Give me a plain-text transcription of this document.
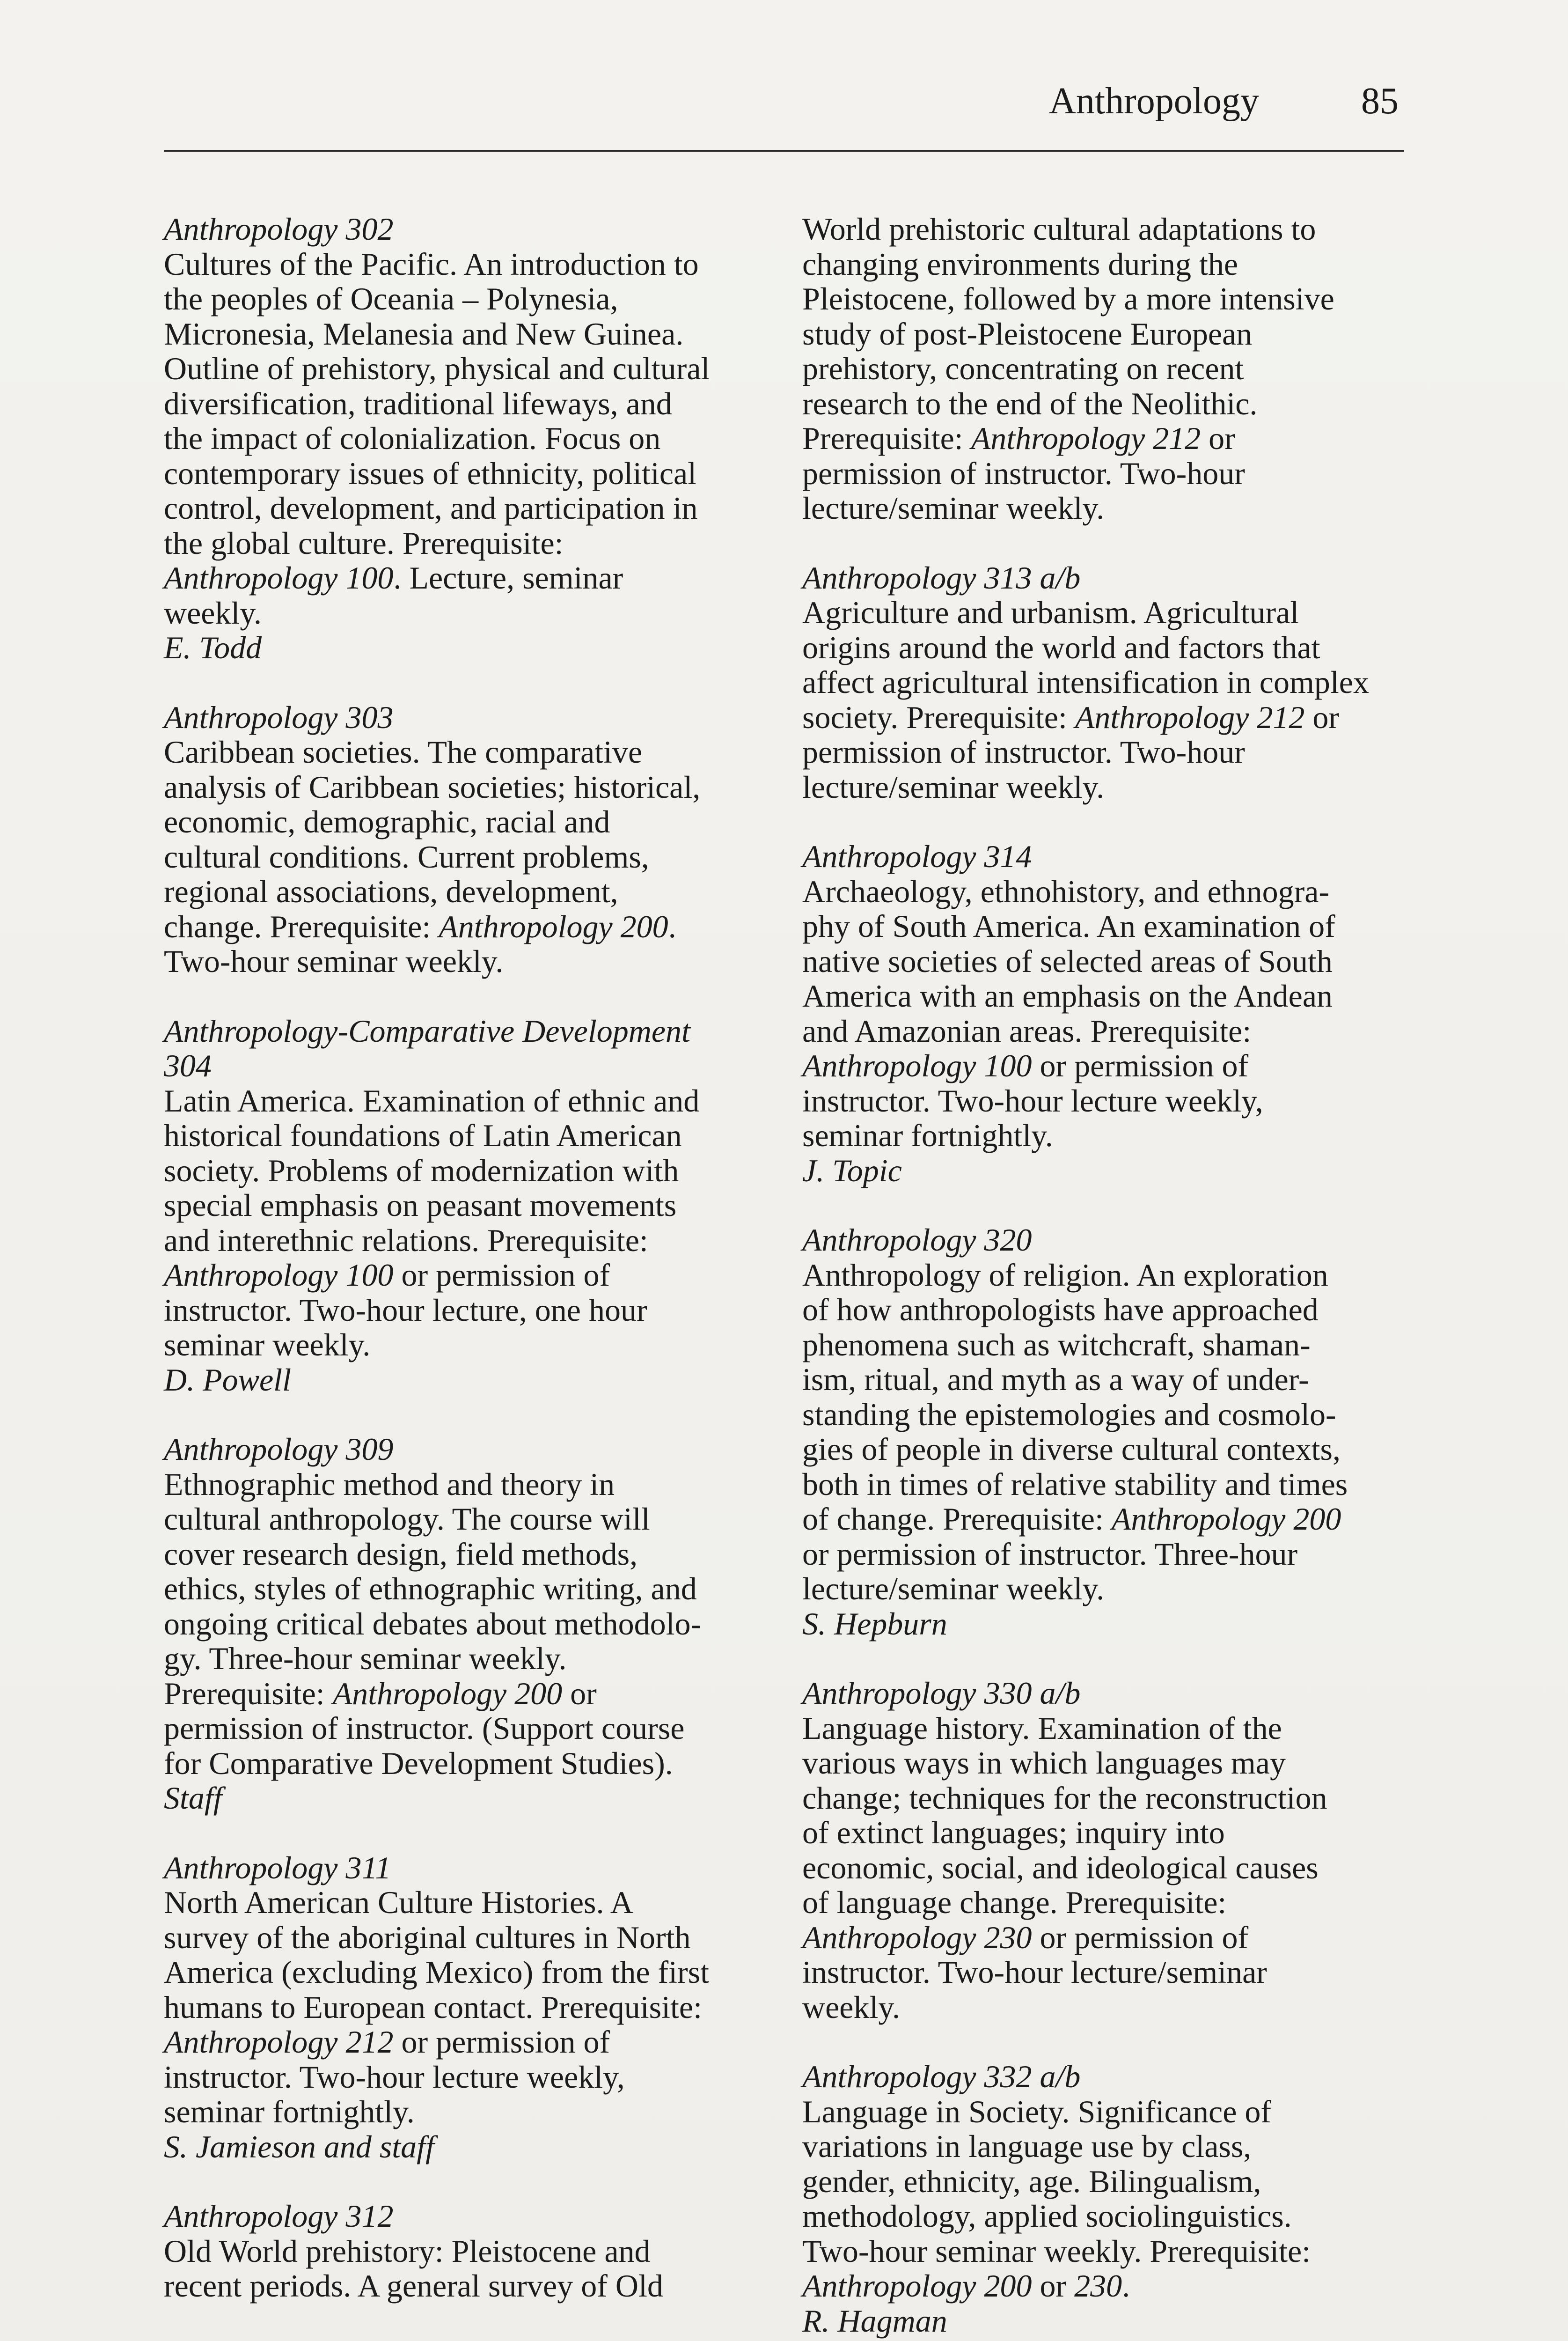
Anthropology	85

Anthropology 302

Cultures of the Pacific. An introduction to
the peoples of Oceania – Polynesia,
Micronesia, Melanesia and New Guinea.
Outline of prehistory, physical and cultural
diversification, traditional lifeways, and
the impact of colonialization. Focus on
contemporary issues of ethnicity, political
control, development, and participation in
the global culture. Prerequisite:
Anthropology 100. Lecture, seminar
weekly.

E. Todd

Anthropology 303

Caribbean societies. The comparative
analysis of Caribbean societies; historical,
economic, demographic, racial and
cultural conditions. Current problems,
regional associations, development,
change. Prerequisite: Anthropology 200.
Two-hour seminar weekly.

Anthropology-Comparative Development
304

Latin America. Examination of ethnic and
historical foundations of Latin American
society. Problems of modernization with
special emphasis on peasant movements
and interethnic relations. Prerequisite:
Anthropology 100 or permission of
instructor. Two-hour lecture, one hour
seminar weekly.

D. Powell

Anthropology 309

Ethnographic method and theory in
cultural anthropology. The course will
cover research design, field methods,
ethics, styles of ethnographic writing, and
ongoing critical debates about methodolo-
gy. Three-hour seminar weekly.
Prerequisite: Anthropology 200 or
permission of instructor. (Support course
for Comparative Development Studies).

Staff

Anthropology 311

North American Culture Histories. A
survey of the aboriginal cultures in North
America (excluding Mexico) from the first
humans to European contact. Prerequisite:
Anthropology 212 or permission of
instructor. Two-hour lecture weekly,
seminar fortnightly.

S. Jamieson and staff

Anthropology 312

Old World prehistory: Pleistocene and
recent periods. A general survey of Old

World prehistoric cultural adaptations to
changing environments during the
Pleistocene, followed by a more intensive
study of post-Pleistocene European
prehistory, concentrating on recent
research to the end of the Neolithic.
Prerequisite: Anthropology 212 or
permission of instructor. Two-hour
lecture/seminar weekly.

Anthropology 313 a/b

Agriculture and urbanism. Agricultural
origins around the world and factors that
affect agricultural intensification in complex
society. Prerequisite: Anthropology 212 or
permission of instructor. Two-hour
lecture/seminar weekly.

Anthropology 314

Archaeology, ethnohistory, and ethnogra-
phy of South America. An examination of
native societies of selected areas of South
America with an emphasis on the Andean
and Amazonian areas. Prerequisite:
Anthropology 100 or permission of
instructor. Two-hour lecture weekly,
seminar fortnightly.

J. Topic

Anthropology 320

Anthropology of religion. An exploration
of how anthropologists have approached
phenomena such as witchcraft, shaman-
ism, ritual, and myth as a way of under-
standing the epistemologies and cosmolo-
gies of people in diverse cultural contexts,
both in times of relative stability and times
of change. Prerequisite: Anthropology 200
or permission of instructor. Three-hour
lecture/seminar weekly.

S. Hepburn

Anthropology 330 a/b

Language history. Examination of the
various ways in which languages may
change; techniques for the reconstruction
of extinct languages; inquiry into
economic, social, and ideological causes
of language change. Prerequisite:
Anthropology 230 or permission of
instructor. Two-hour lecture/seminar
weekly.

Anthropology 332 a/b

Language in Society. Significance of
variations in language use by class,
gender, ethnicity, age. Bilingualism,
methodology, applied sociolinguistics.
Two-hour seminar weekly. Prerequisite:
Anthropology 200 or 230.

R. Hagman
